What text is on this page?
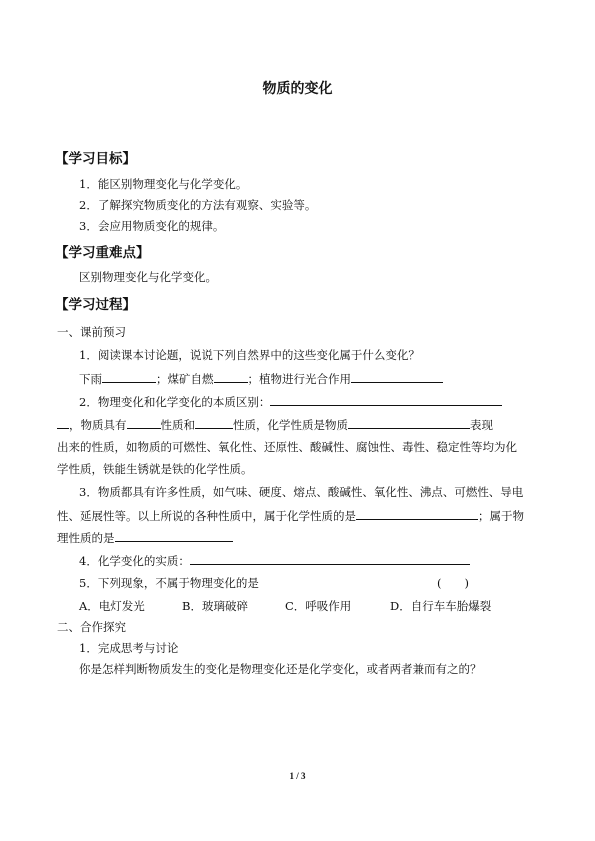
物质的变化
【学习目标】
1．能区别物理变化与化学变化。
2．了解探究物质变化的方法有观察、实验等。
3．会应用物质变化的规律。
【学习重难点】
区别物理变化与化学变化。
【学习过程】
一、课前预习
1．阅读课本讨论题，说说下列自然界中的这些变化属于什么变化？
下雨	；煤矿自燃	；植物进行光合作用
2．物理变化和化学变化的本质区别：
，物质具有	性质和	性质，化学性质是物质	表现
出来的性质，如物质的可燃性、氧化性、还原性、酸碱性、腐蚀性、毒性、稳定性等均为化
学性质，铁能生锈就是铁的化学性质。
3．物质都具有许多性质，如气味、硬度、熔点、酸碱性、氧化性、沸点、可燃性、导电
性、延展性等。以上所说的各种性质中，属于化学性质的是	；属于物
理性质的是
4．化学变化的实质：
5．下列现象，不属于物理变化的是	(　　)
A．电灯发光	B．玻璃破碎	C．呼吸作用	D．自行车车胎爆裂
二、合作探究
1．完成思考与讨论
你是怎样判断物质发生的变化是物理变化还是化学变化，或者两者兼而有之的？
1 / 3
